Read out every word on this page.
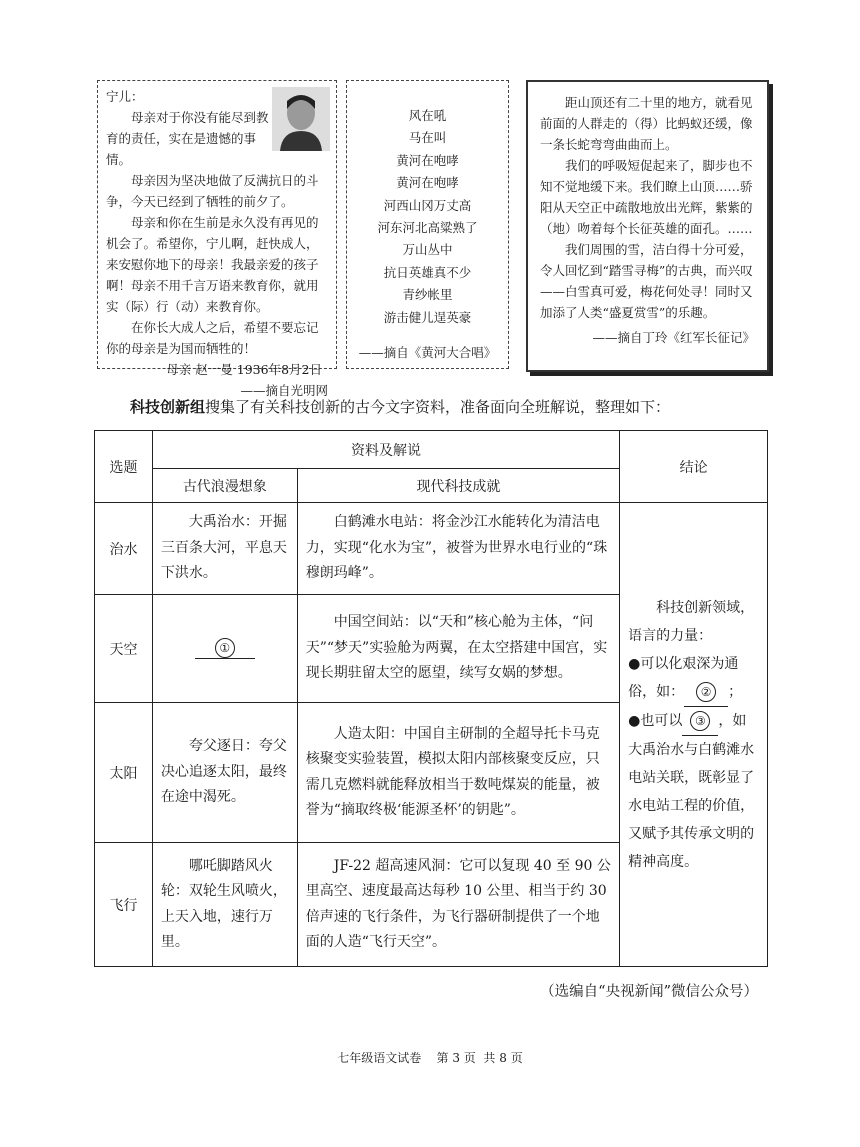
宁儿：

母亲对于你没有能尽到教育的责任，实在是遗憾的事情。

母亲因为坚决地做了反满抗日的斗争，今天已经到了牺牲的前夕了。

母亲和你在生前是永久没有再见的机会了。希望你，宁儿啊，赶快成人，来安慰你地下的母亲！我最亲爱的孩子啊！母亲不用千言万语来教育你，就用实（际）行（动）来教育你。

在你长大成人之后，希望不要忘记你的母亲是为国而牺牲的！

母亲 赵一曼 1936年8月2日

——摘自光明网

风在吼

马在叫

黄河在咆哮

黄河在咆哮

河西山冈万丈高

河东河北高粱熟了

万山丛中

抗日英雄真不少

青纱帐里

游击健儿逞英豪

——摘自《黄河大合唱》

距山顶还有二十里的地方，就看见前面的人群走的（得）比蚂蚁还缓，像一条长蛇弯弯曲曲而上。

我们的呼吸短促起来了，脚步也不知不觉地缓下来。我们瞭上山顶……骄阳从天空正中疏散地放出光辉，紫紫的（地）吻着每个长征英雄的面孔。……

我们周围的雪，洁白得十分可爱，令人回忆到“踏雪寻梅”的古典，而兴叹——白雪真可爱，梅花何处寻！同时又加添了人类“盛夏赏雪”的乐趣。

——摘自丁玲《红军长征记》

科技创新组搜集了有关科技创新的古今文字资料，准备面向全班解说，整理如下：
选题	资料及解说		结论
	古代浪漫想象	现代科技成就	
治水	大禹治水：开掘三百条大河，平息天下洪水。	白鹤滩水电站：将金沙江水能转化为清洁电力，实现“化水为宝”，被誉为世界水电行业的“珠穆朗玛峰”。	科技创新领域，语言的力量：
●可以化艰深为通俗，如： ② ；
●也可以 ③ ，如大禹治水与白鹤滩水电站关联，既彰显了水电站工程的价值，又赋予其传承文明的精神高度。

天空	①	中国空间站：以“天和”核心舱为主体，“问天”“梦天”实验舱为两翼，在太空搭建中国宫，实现长期驻留太空的愿望，续写女娲的梦想。	

太阳	夸父逐日：夸父决心追逐太阳，最终在途中渴死。	人造太阳：中国自主研制的全超导托卡马克核聚变实验装置，模拟太阳内部核聚变反应，只需几克燃料就能释放相当于数吨煤炭的能量，被誉为“摘取终极‘能源圣杯’的钥匙”。	

飞行	哪吒脚踏风火轮：双轮生风喷火，上天入地，速行万里。	JF-22 超高速风洞：它可以复现 40 至 90 公里高空、速度最高达每秒 10 公里、相当于约 30 倍声速的飞行条件，为飞行器研制提供了一个地面的人造“飞行天空”。	
（选编自“央视新闻”微信公众号）
七年级语文试卷    第 3 页  共 8 页
